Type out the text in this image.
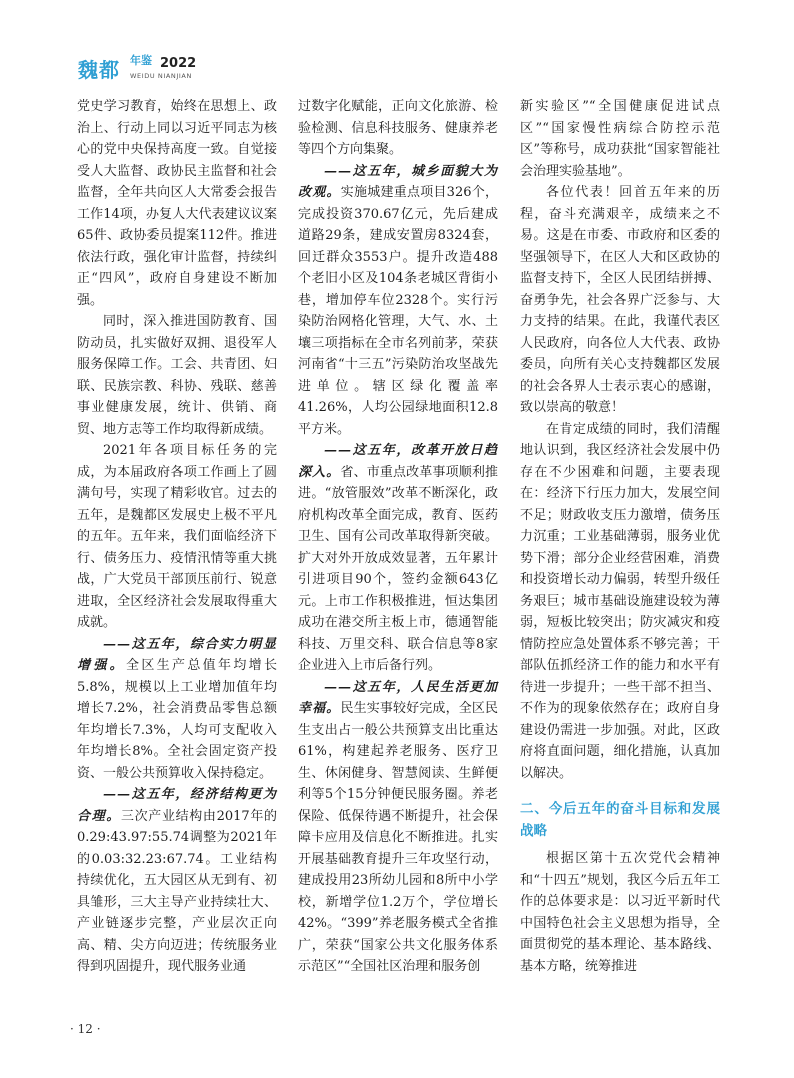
魏都 年鉴 2022
WEIDU NIANJIAN

党史学习教育，始终在思想上、政治上、行动上同以习近平同志为核心的党中央保持高度一致。自觉接受人大监督、政协民主监督和社会监督，全年共向区人大常委会报告工作14项，办复人大代表建议议案65件、政协委员提案112件。推进依法行政，强化审计监督，持续纠正“四风”，政府自身建设不断加强。

同时，深入推进国防教育、国防动员，扎实做好双拥、退役军人服务保障工作。工会、共青团、妇联、民族宗教、科协、残联、慈善事业健康发展，统计、供销、商贸、地方志等工作均取得新成绩。

2021年各项目标任务的完成，为本届政府各项工作画上了圆满句号，实现了精彩收官。过去的五年，是魏都区发展史上极不平凡的五年。五年来，我们面临经济下行、债务压力、疫情汛情等重大挑战，广大党员干部顶压前行、锐意进取，全区经济社会发展取得重大成就。

——这五年，综合实力明显增强。全区生产总值年均增长5.8%，规模以上工业增加值年均增长7.2%，社会消费品零售总额年均增长7.3%，人均可支配收入年均增长8%。全社会固定资产投资、一般公共预算收入保持稳定。

——这五年，经济结构更为合理。三次产业结构由2017年的0.29:43.97:55.74调整为2021年的0.03:32.23:67.74。工业结构持续优化，五大园区从无到有、初具雏形，三大主导产业持续壮大、产业链逐步完整，产业层次正向高、精、尖方向迈进；传统服务业得到巩固提升，现代服务业通

过数字化赋能，正向文化旅游、检验检测、信息科技服务、健康养老等四个方向集聚。

——这五年，城乡面貌大为改观。实施城建重点项目326个，完成投资370.67亿元，先后建成道路29条，建成安置房8324套，回迁群众3553户。提升改造488个老旧小区及104条老城区背街小巷，增加停车位2328个。实行污染防治网格化管理，大气、水、土壤三项指标在全市名列前茅，荣获河南省“十三五”污染防治攻坚战先进单位。辖区绿化覆盖率41.26%，人均公园绿地面积12.8平方米。

——这五年，改革开放日趋深入。省、市重点改革事项顺利推进。“放管服效”改革不断深化，政府机构改革全面完成，教育、医药卫生、国有公司改革取得新突破。扩大对外开放成效显著，五年累计引进项目90个，签约金额643亿元。上市工作积极推进，恒达集团成功在港交所主板上市，德通智能科技、万里交科、联合信息等8家企业进入上市后备行列。

——这五年，人民生活更加幸福。民生实事较好完成，全区民生支出占一般公共预算支出比重达61%，构建起养老服务、医疗卫生、休闲健身、智慧阅读、生鲜便利等5个15分钟便民服务圈。养老保险、低保待遇不断提升，社会保障卡应用及信息化不断推进。扎实开展基础教育提升三年攻坚行动，建成投用23所幼儿园和8所中小学校，新增学位1.2万个，学位增长42%。“399”养老服务模式全省推广，荣获“国家公共文化服务体系示范区”“全国社区治理和服务创

新实验区”“全国健康促进试点区”“国家慢性病综合防控示范区”等称号，成功获批“国家智能社会治理实验基地”。

各位代表！回首五年来的历程，奋斗充满艰辛，成绩来之不易。这是在市委、市政府和区委的坚强领导下，在区人大和区政协的监督支持下，全区人民团结拼搏、奋勇争先，社会各界广泛参与、大力支持的结果。在此，我谨代表区人民政府，向各位人大代表、政协委员，向所有关心支持魏都区发展的社会各界人士表示衷心的感谢，致以崇高的敬意！

在肯定成绩的同时，我们清醒地认识到，我区经济社会发展中仍存在不少困难和问题，主要表现在：经济下行压力加大，发展空间不足；财政收支压力激增，债务压力沉重；工业基础薄弱，服务业优势下滑；部分企业经营困难，消费和投资增长动力偏弱，转型升级任务艰巨；城市基础设施建设较为薄弱，短板比较突出；防灾减灾和疫情防控应急处置体系不够完善；干部队伍抓经济工作的能力和水平有待进一步提升；一些干部不担当、不作为的现象依然存在；政府自身建设仍需进一步加强。对此，区政府将直面问题，细化措施，认真加以解决。

二、今后五年的奋斗目标和发展战略

根据区第十五次党代会精神和“十四五”规划，我区今后五年工作的总体要求是：以习近平新时代中国特色社会主义思想为指导，全面贯彻党的基本理论、基本路线、基本方略，统筹推进

· 12 ·
